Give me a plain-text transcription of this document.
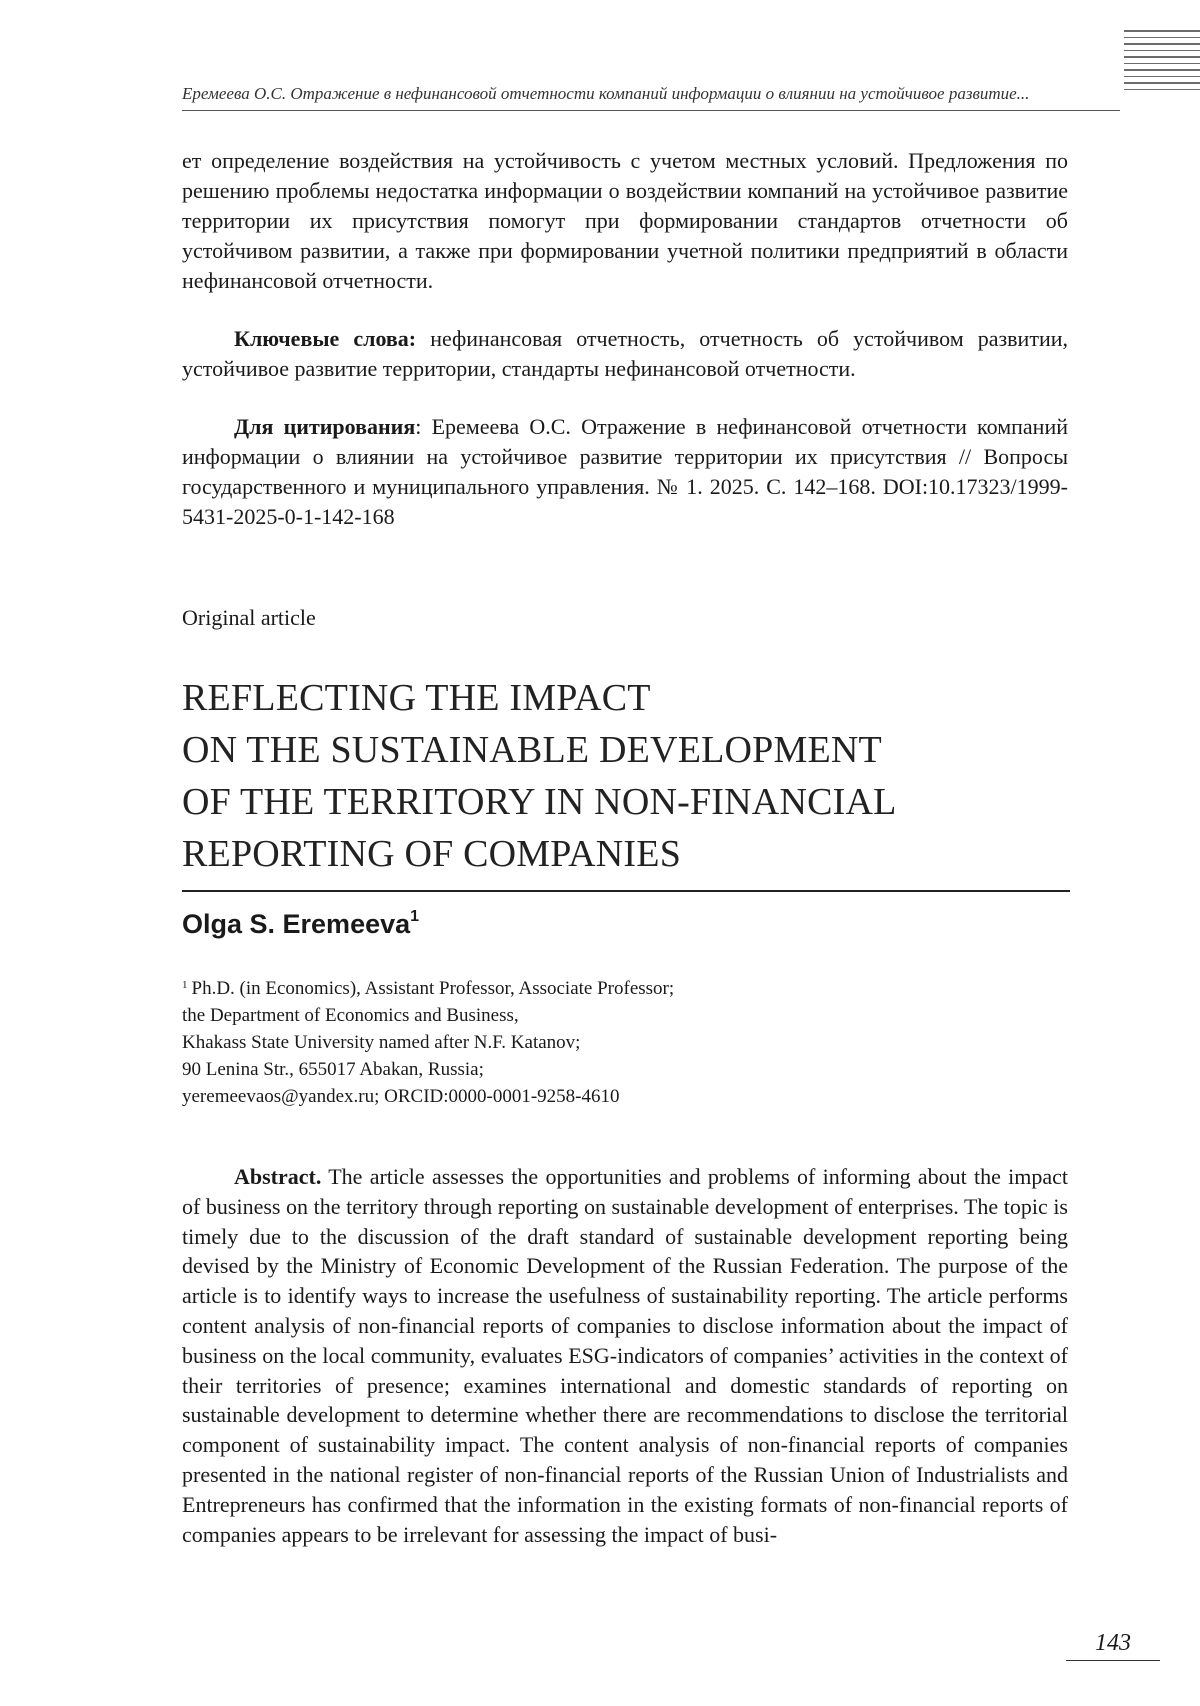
Еремеева О.С. Отражение в нефинансовой отчетности компаний информации о влиянии на устойчивое развитие...

ет определение воздействия на устойчивость с учетом местных условий. Предложения по решению проблемы недостатка информации о воздействии компаний на устойчивое развитие территории их присутствия помогут при формировании стандартов отчетности об устойчивом развитии, а также при формировании учетной политики предприятий в области нефинансовой отчетности.

Ключевые слова: нефинансовая отчетность, отчетность об устойчивом развитии, устойчивое развитие территории, стандарты нефинансовой отчетности.

Для цитирования: Еремеева О.С. Отражение в нефинансовой отчетности компаний информации о влиянии на устойчивое развитие территории их присутствия // Вопросы государственного и муниципального управления. № 1. 2025. С. 142–168. DOI:10.17323/1999-5431-2025-0-1-142-168

Original article
REFLECTING THE IMPACT
ON THE SUSTAINABLE DEVELOPMENT
OF THE TERRITORY IN NON-FINANCIAL
REPORTING OF COMPANIES
Olga S. Eremeeva$^1$
$^1$ Ph.D. (in Economics), Assistant Professor, Associate Professor;
the Department of Economics and Business,
Khakass State University named after N.F. Katanov;
90 Lenina Str., 655017 Abakan, Russia;
yeremeevaos@yandex.ru; ORCID:0000-0001-9258-4610

Abstract. The article assesses the opportunities and problems of informing about the impact of business on the territory through reporting on sustainable development of enterprises. The topic is timely due to the discussion of the draft standard of sustainable development reporting being devised by the Ministry of Economic Development of the Russian Federation. The purpose of the article is to identify ways to increase the usefulness of sustainability reporting. The article performs content analysis of non-financial reports of companies to disclose information about the impact of business on the local community, evaluates ESG-indicators of companies’ activities in the context of their territories of presence; examines international and domestic standards of reporting on sustainable development to determine whether there are recommendations to disclose the territorial component of sustainability impact. The content analysis of non-financial reports of companies presented in the national register of non-financial reports of the Russian Union of Industrialists and Entrepreneurs has confirmed that the information in the existing formats of non-financial reports of companies appears to be irrelevant for assessing the impact of busi-

143
